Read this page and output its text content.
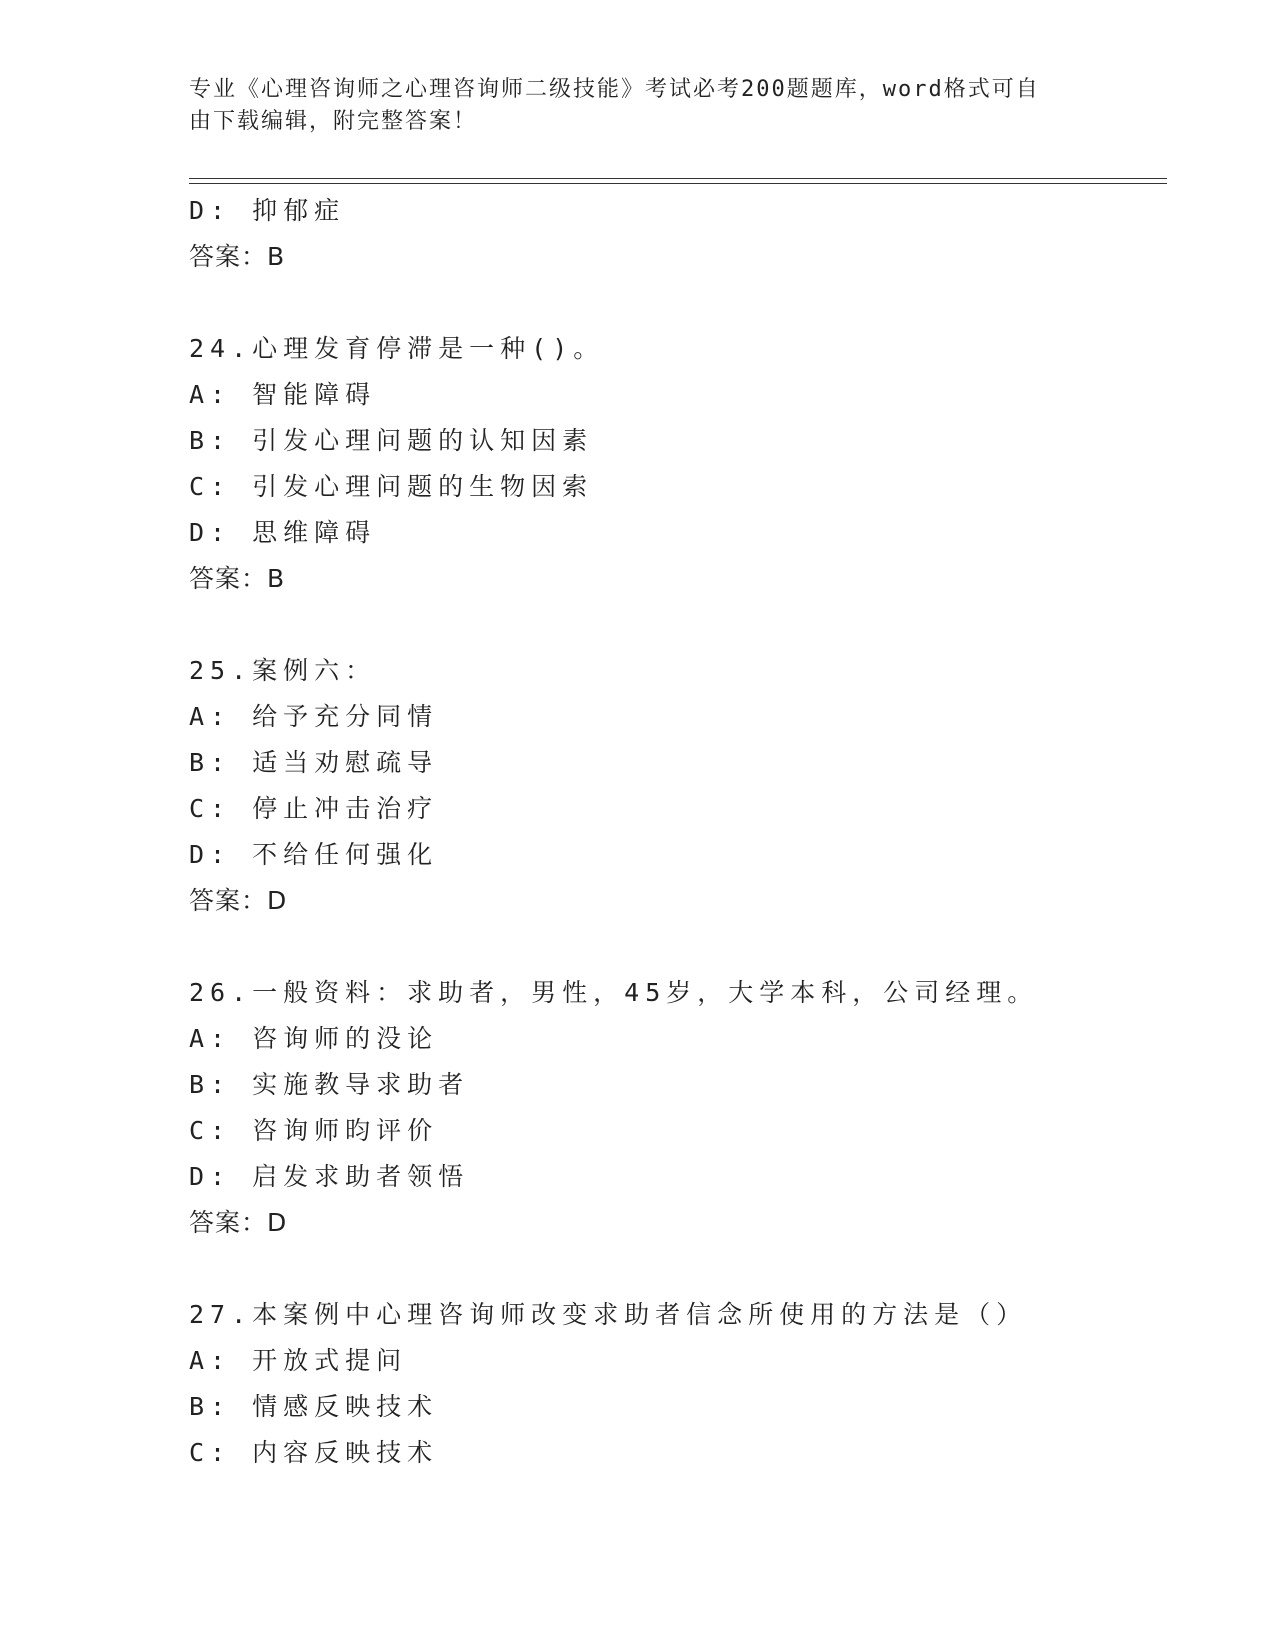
专业《心理咨询师之心理咨询师二级技能》考试必考200题题库，word格式可自
由下载编辑，附完整答案！
D: 抑郁症
答案：B
24.心理发育停滞是一种()。
A: 智能障碍
B: 引发心理问题的认知因素
C: 引发心理问题的生物因索
D: 思维障碍
答案：B
25.案例六：
A: 给予充分同情
B: 适当劝慰疏导
C: 停止冲击治疗
D: 不给任何强化
答案：D
26.一般资料：求助者，男性，45岁，大学本科，公司经理。
A: 咨询师的没论
B: 实施教导求助者
C: 咨询师昀评价
D: 启发求助者领悟
答案：D
27.本案例中心理咨询师改变求助者信念所使用的方法是（）
A: 开放式提问
B: 情感反映技术
C: 内容反映技术
